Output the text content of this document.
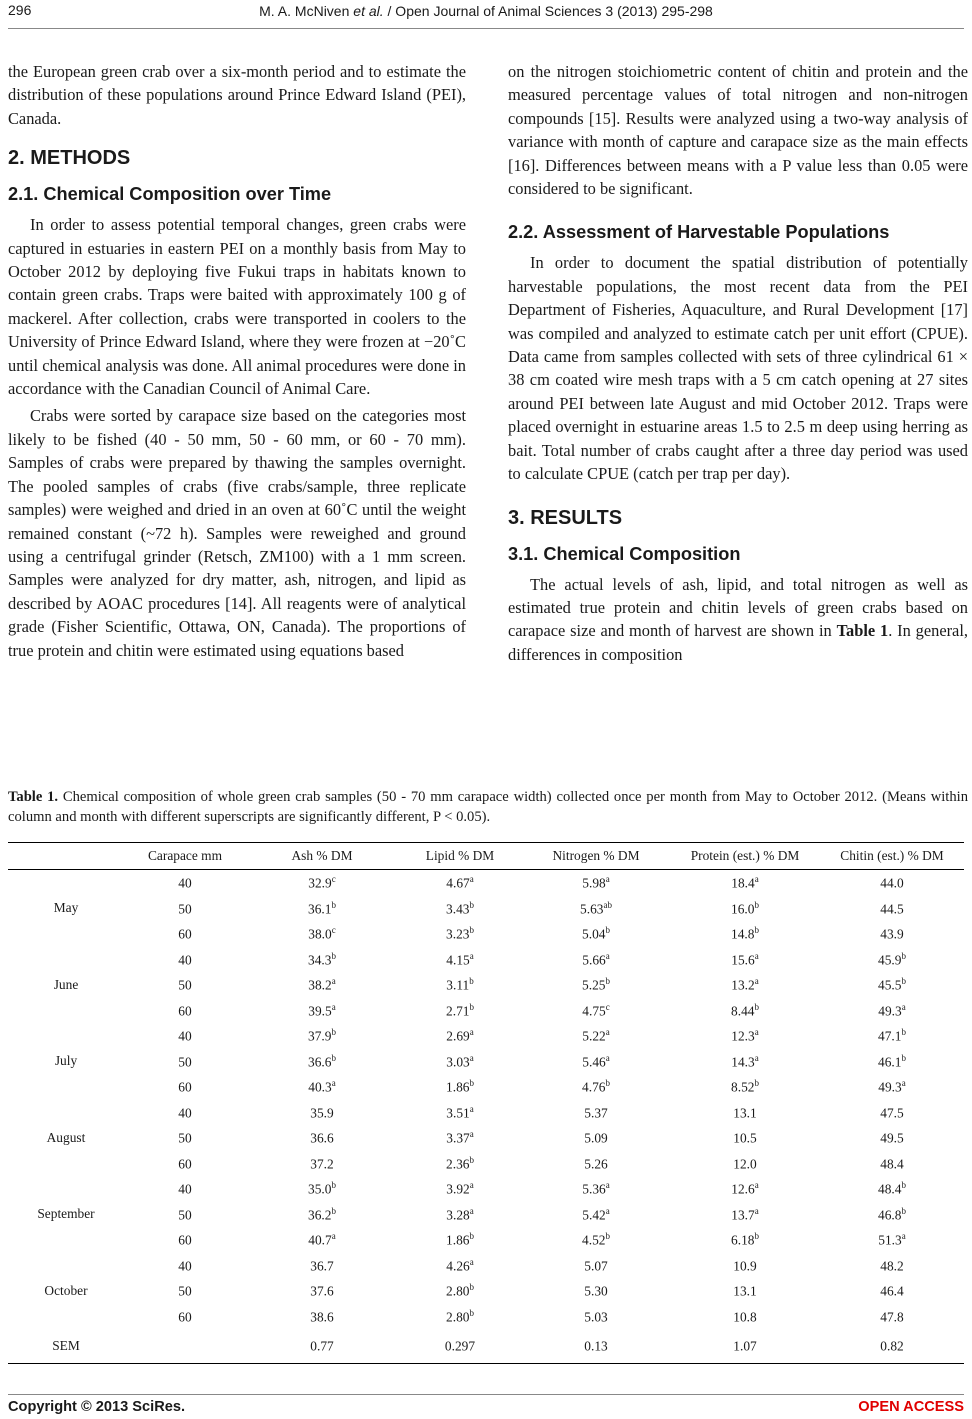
296	M. A. McNiven et al. / Open Journal of Animal Sciences 3 (2013) 295-298

the European green crab over a six-month period and to estimate the distribution of these populations around Prince Edward Island (PEI), Canada.

2. METHODS
2.1. Chemical Composition over Time

In order to assess potential temporal changes, green crabs were captured in estuaries in eastern PEI on a monthly basis from May to October 2012 by deploying five Fukui traps in habitats known to contain green crabs. Traps were baited with approximately 100 g of mackerel. After collection, crabs were transported in coolers to the University of Prince Edward Island, where they were frozen at −20˚C until chemical analysis was done. All animal procedures were done in accordance with the Canadian Council of Animal Care.

Crabs were sorted by carapace size based on the categories most likely to be fished (40 - 50 mm, 50 - 60 mm, or 60 - 70 mm). Samples of crabs were prepared by thawing the samples overnight. The pooled samples of crabs (five crabs/sample, three replicate samples) were weighed and dried in an oven at 60˚C until the weight remained constant (~72 h). Samples were reweighed and ground using a centrifugal grinder (Retsch, ZM100) with a 1 mm screen. Samples were analyzed for dry matter, ash, nitrogen, and lipid as described by AOAC procedures [14]. All reagents were of analytical grade (Fisher Scientific, Ottawa, ON, Canada). The proportions of true protein and chitin were estimated using equations based

on the nitrogen stoichiometric content of chitin and protein and the measured percentage values of total nitrogen and non-nitrogen compounds [15]. Results were analyzed using a two-way analysis of variance with month of capture and carapace size as the main effects [16]. Differences between means with a P value less than 0.05 were considered to be significant.

2.2. Assessment of Harvestable Populations

In order to document the spatial distribution of potentially harvestable populations, the most recent data from the PEI Department of Fisheries, Aquaculture, and Rural Development [17] was compiled and analyzed to estimate catch per unit effort (CPUE). Data came from samples collected with sets of three cylindrical 61 × 38 cm coated wire mesh traps with a 5 cm catch opening at 27 sites around PEI between late August and mid October 2012. Traps were placed overnight in estuarine areas 1.5 to 2.5 m deep using herring as bait. Total number of crabs caught after a three day period was used to calculate CPUE (catch per trap per day).

3. RESULTS
3.1. Chemical Composition

The actual levels of ash, lipid, and total nitrogen as well as estimated true protein and chitin levels of green crabs based on carapace size and month of harvest are shown in Table 1. In general, differences in composition

Table 1. Chemical composition of whole green crab samples (50 - 70 mm carapace width) collected once per month from May to October 2012. (Means within column and month with different superscripts are significantly different, P < 0.05).
	Carapace mm	Ash % DM	Lipid % DM	Nitrogen % DM	Protein (est.) % DM	Chitin (est.) % DM
	40	32.9$^c$	4.67$^a$	5.98$^a$	18.4$^a$	44.0
May	50	36.1$^b$	3.43$^b$	5.63$^{ab}$	16.0$^b$	44.5
	60	38.0$^c$	3.23$^b$	5.04$^b$	14.8$^b$	43.9
	40	34.3$^b$	4.15$^a$	5.66$^a$	15.6$^a$	45.9$^b$
June	50	38.2$^a$	3.11$^b$	5.25$^b$	13.2$^a$	45.5$^b$
	60	39.5$^a$	2.71$^b$	4.75$^c$	8.44$^b$	49.3$^a$
	40	37.9$^b$	2.69$^a$	5.22$^a$	12.3$^a$	47.1$^b$
July	50	36.6$^b$	3.03$^a$	5.46$^a$	14.3$^a$	46.1$^b$
	60	40.3$^a$	1.86$^b$	4.76$^b$	8.52$^b$	49.3$^a$
	40	35.9	3.51$^a$	5.37	13.1	47.5
August	50	36.6	3.37$^a$	5.09	10.5	49.5
	60	37.2	2.36$^b$	5.26	12.0	48.4
	40	35.0$^b$	3.92$^a$	5.36$^a$	12.6$^a$	48.4$^b$
September	50	36.2$^b$	3.28$^a$	5.42$^a$	13.7$^a$	46.8$^b$
	60	40.7$^a$	1.86$^b$	4.52$^b$	6.18$^b$	51.3$^a$
	40	36.7	4.26$^a$	5.07	10.9	48.2
October	50	37.6	2.80$^b$	5.30	13.1	46.4
	60	38.6	2.80$^b$	5.03	10.8	47.8
SEM		0.77	0.297	0.13	1.07	0.82
Copyright © 2013 SciRes.	OPEN ACCESS
